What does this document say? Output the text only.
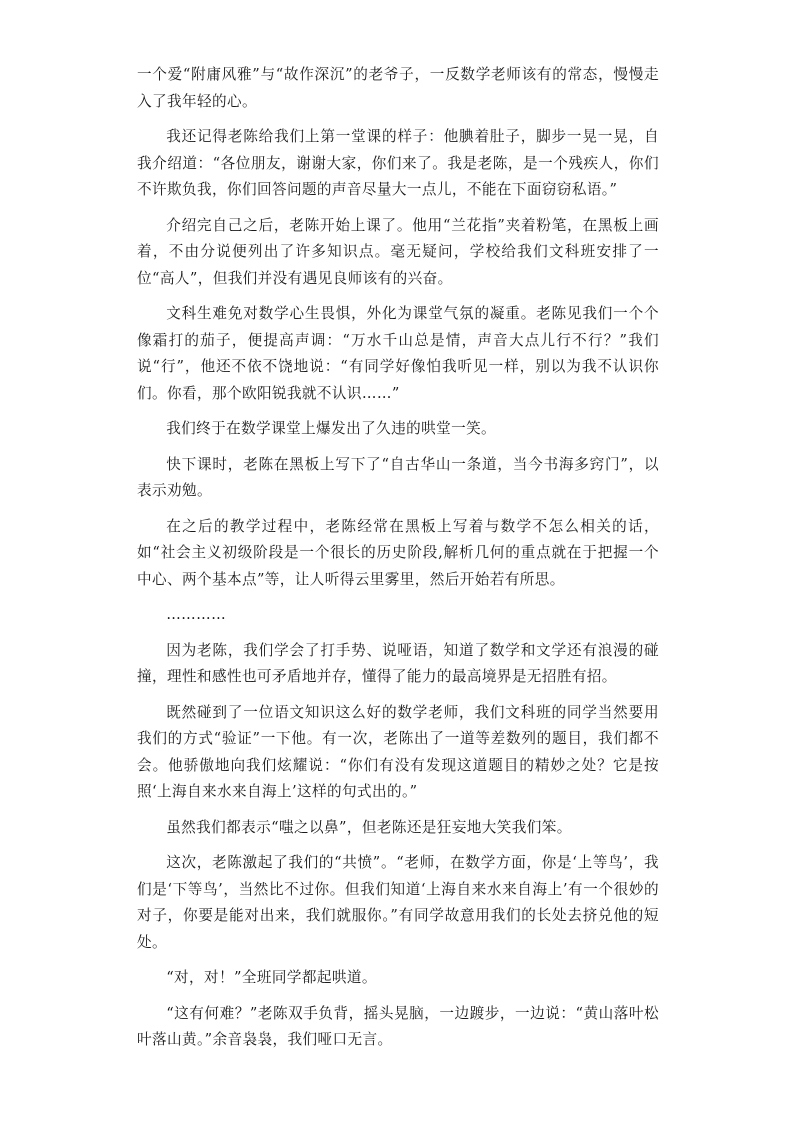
一个爱“附庸风雅”与“故作深沉”的老爷子，一反数学老师该有的常态，慢慢走入了我年轻的心。

我还记得老陈给我们上第一堂课的样子：他腆着肚子，脚步一晃一晃，自我介绍道：“各位朋友，谢谢大家，你们来了。我是老陈，是一个残疾人，你们不许欺负我，你们回答问题的声音尽量大一点儿，不能在下面窃窃私语。”

介绍完自己之后，老陈开始上课了。他用“兰花指”夹着粉笔，在黑板上画着，不由分说便列出了许多知识点。毫无疑问，学校给我们文科班安排了一位“高人”，但我们并没有遇见良师该有的兴奋。

文科生难免对数学心生畏惧，外化为课堂气氛的凝重。老陈见我们一个个像霜打的茄子，便提高声调：“万水千山总是情，声音大点儿行不行？”我们说“行”，他还不依不饶地说：“有同学好像怕我听见一样，别以为我不认识你们。你看，那个欧阳锐我就不认识……”

我们终于在数学课堂上爆发出了久违的哄堂一笑。

快下课时，老陈在黑板上写下了“自古华山一条道，当今书海多窍门”，以表示劝勉。

在之后的教学过程中，老陈经常在黑板上写着与数学不怎么相关的话，如“社会主义初级阶段是一个很长的历史阶段,解析几何的重点就在于把握一个中心、两个基本点”等，让人听得云里雾里，然后开始若有所思。

…………

因为老陈，我们学会了打手势、说哑语，知道了数学和文学还有浪漫的碰撞，理性和感性也可矛盾地并存，懂得了能力的最高境界是无招胜有招。

既然碰到了一位语文知识这么好的数学老师，我们文科班的同学当然要用我们的方式“验证”一下他。有一次，老陈出了一道等差数列的题目，我们都不会。他骄傲地向我们炫耀说：“你们有没有发现这道题目的精妙之处？它是按照‘上海自来水来自海上’这样的句式出的。”

虽然我们都表示“嗤之以鼻”，但老陈还是狂妄地大笑我们笨。

这次，老陈激起了我们的“共愤”。“老师，在数学方面，你是‘上等鸟’，我们是‘下等鸟’，当然比不过你。但我们知道‘上海自来水来自海上’有一个很妙的对子，你要是能对出来，我们就服你。”有同学故意用我们的长处去挤兑他的短处。

“对，对！”全班同学都起哄道。

“这有何难？”老陈双手负背，摇头晃脑，一边踱步，一边说：“黄山落叶松叶落山黄。”余音袅袅，我们哑口无言。
